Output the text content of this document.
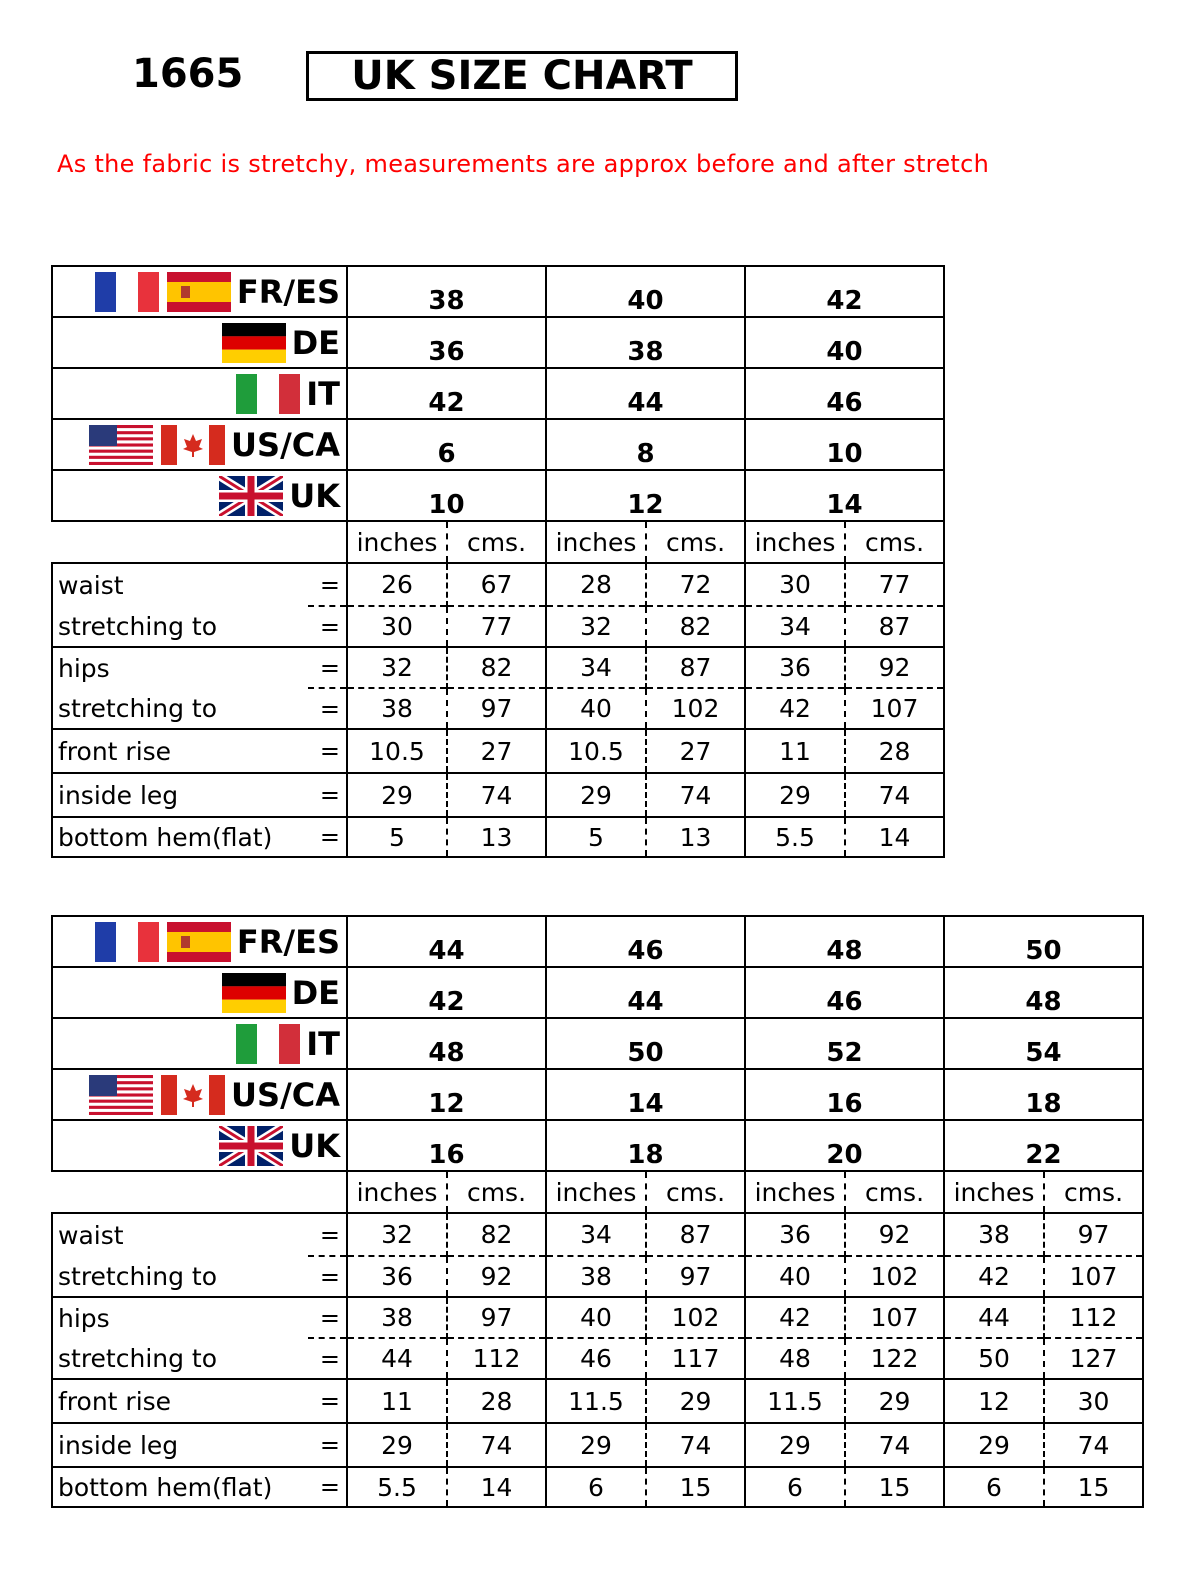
1665	UK SIZE CHART
As the fabric is stretchy, measurements are approx before and after stretch
FR/ES		38		40		42	

DE		36		38		40	

IT		42		44		46	

US/CA		6		8		10	

UK		10		12		14	
		inches	cms.	inches	cms.	inches	cms.
waist	=	26	67	28	72	30	77
stretching to	=	30	77	32	82	34	87
hips	=	32	82	34	87	36	92
stretching to	=	38	97	40	102	42	107
front rise	=	10.5	27	10.5	27	11	28
inside leg	=	29	74	29	74	29	74
bottom hem(flat)	=	5	13	5	13	5.5	14
FR/ES		44		46		48		50	

DE		42		44		46		48	

IT		48		50		52		54	

US/CA		12		14		16		18	

UK		16		18		20		22	
		inches	cms.	inches	cms.	inches	cms.	inches	cms.
waist	=	32	82	34	87	36	92	38	97
stretching to	=	36	92	38	97	40	102	42	107
hips	=	38	97	40	102	42	107	44	112
stretching to	=	44	112	46	117	48	122	50	127
front rise	=	11	28	11.5	29	11.5	29	12	30
inside leg	=	29	74	29	74	29	74	29	74
bottom hem(flat)	=	5.5	14	6	15	6	15	6	15
